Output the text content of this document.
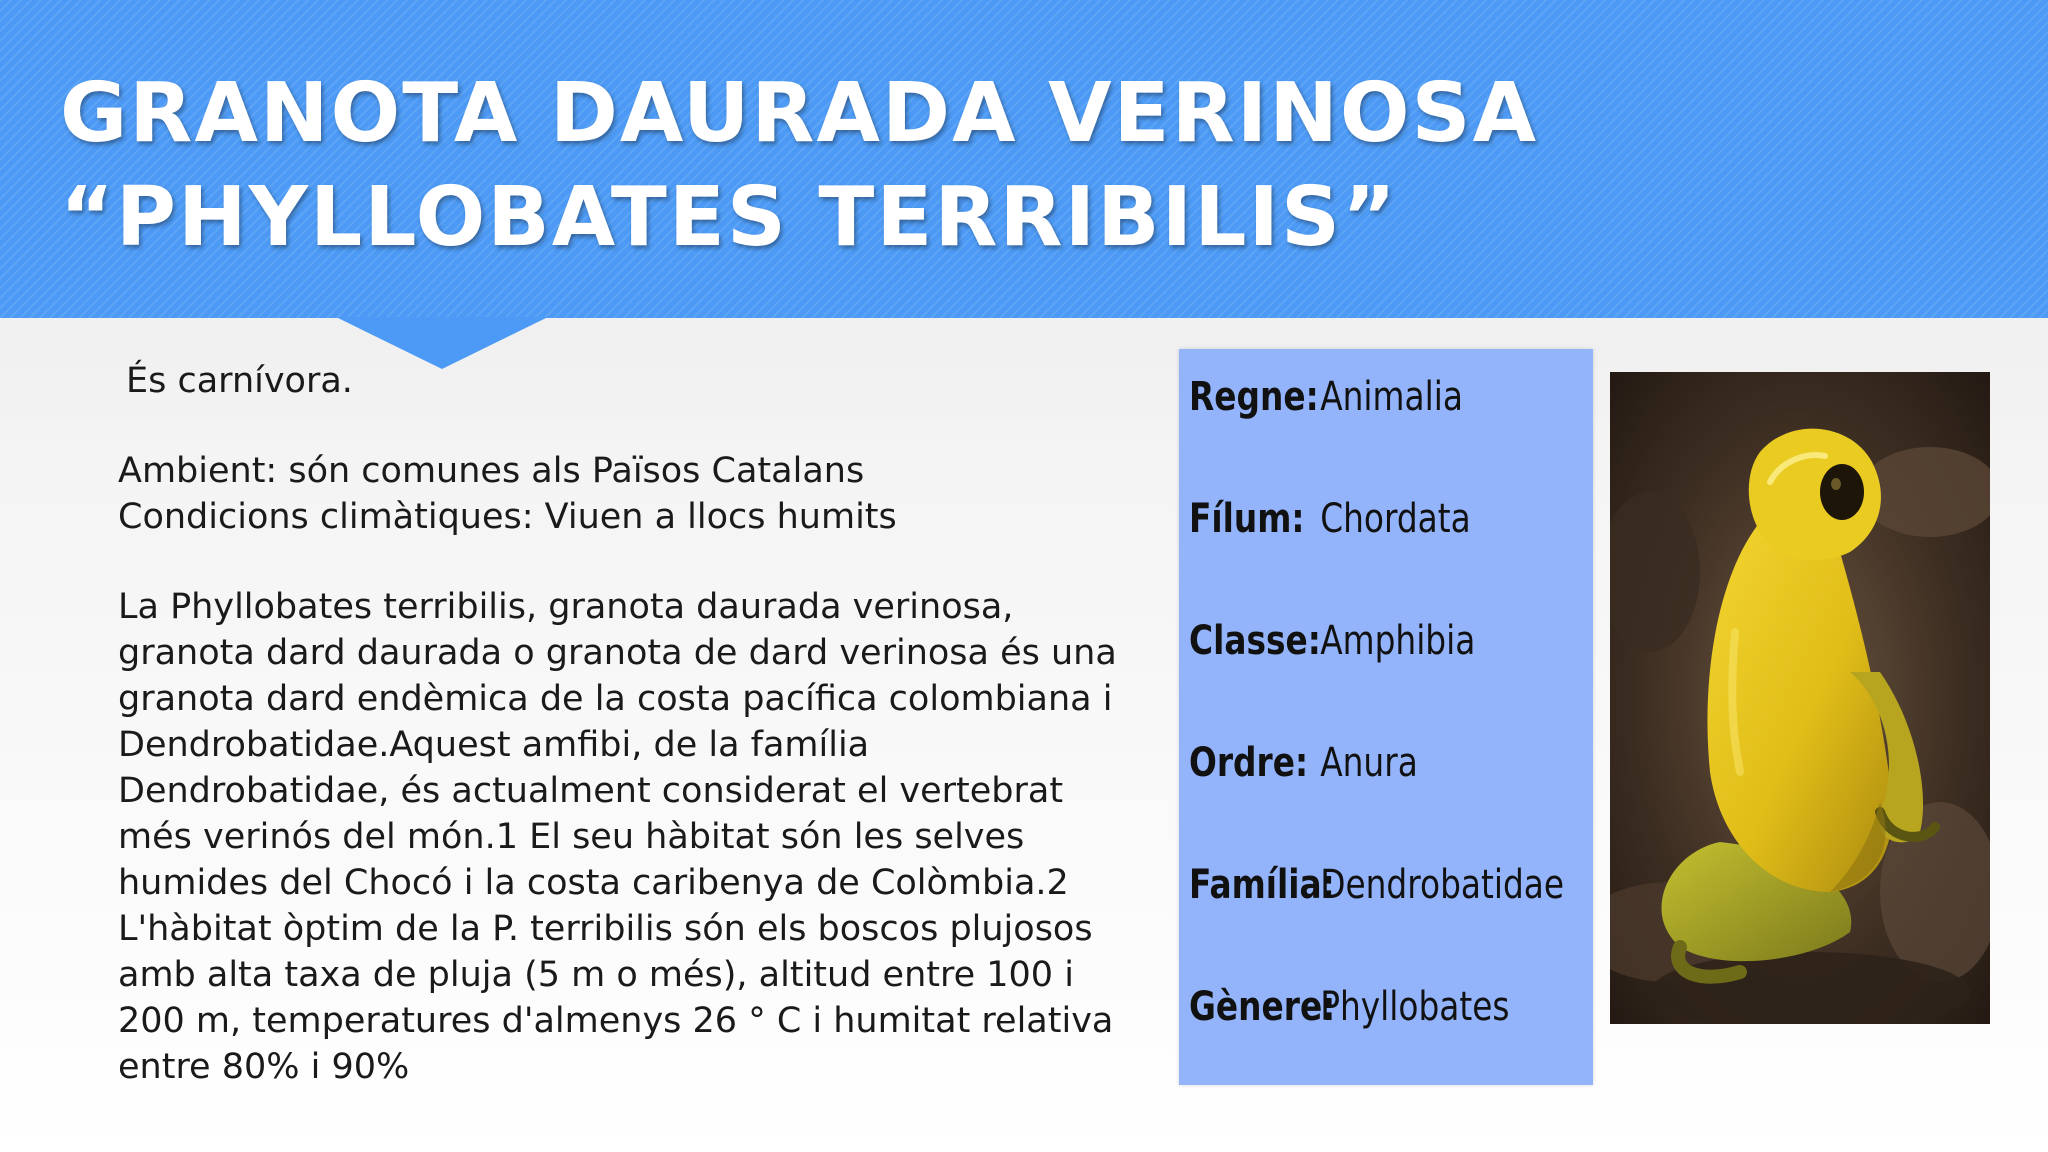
GRANOTA DAURADA VERINOSA “PHYLLOBATES TERRIBILIS”

És carnívora.

Ambient: són comunes als Països Catalans

Condicions climàtiques: Viuen a llocs humits

La Phyllobates terribilis, granota daurada verinosa, granota dard daurada o granota de dard verinosa és una granota dard endèmica de la costa pacífica colombiana i Dendrobatidae.Aquest amfibi, de la família Dendrobatidae, és actualment considerat el vertebrat més verinós del món.1 El seu hàbitat són les selves humides del Chocó i la costa caribenya de Colòmbia.2 L'hàbitat òptim de la P. terribilis són els boscos plujosos amb alta taxa de pluja (5 m o més), altitud entre 100 i 200 m, temperatures d'almenys 26 ° C i humitat relativa entre 80% i 90%

Regne:Animalia
Fílum: Chordata
Classe:Amphibia
Ordre: Anura
Família:Dendrobatidae
Gènere:Phyllobates
